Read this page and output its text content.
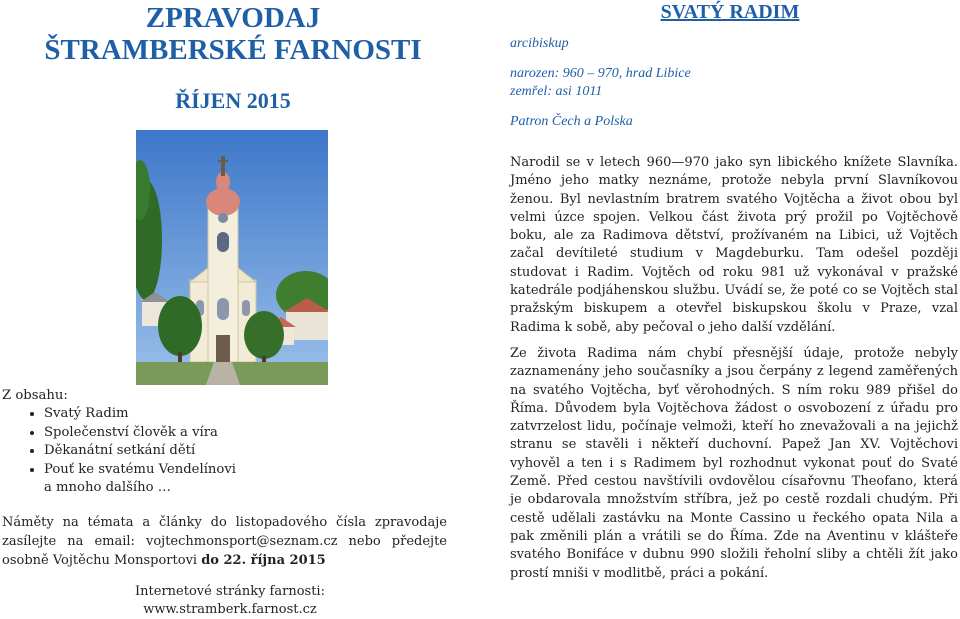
ZPRAVODAJ
ŠTRAMBERSKÉ FARNOSTI
ŘÍJEN 2015

Z obsahu:

• Svatý Radim
• Společenství člověk a víra
• Děkanátní setkání dětí
• Pouť ke svatému Vendelínovi
a mnoho dalšího …

Náměty na témata a články do listopadového čísla zpravodaje zasílejte na email: vojtechmonsport@seznam.cz nebo předejte osobně Vojtěchu Monsportovi do 22. října 2015

Internetové stránky farnosti:

www.stramberk.farnost.cz

SVATÝ RADIM

arcibiskup

narozen: 960 – 970, hrad Libice

zemřel: asi 1011

Patron Čech a Polska

Narodil se v letech 960—970 jako syn libického knížete Slavníka. Jméno jeho matky neznáme, protože nebyla první Slavníkovou ženou. Byl nevlastním bratrem svatého Vojtěcha a život obou byl velmi úzce spojen. Velkou část života prý prožil po Vojtěchově boku, ale za Radimova dětství, prožívaném na Libici, už Vojtěch začal devítileté studium v Magdeburku. Tam odešel později studovat i Radim. Vojtěch od roku 981 už vykonával v pražské katedrále podjáhenskou službu. Uvádí se, že poté co se Vojtěch stal pražským biskupem a otevřel biskupskou školu v Praze, vzal Radima k sobě, aby pečoval o jeho další vzdělání.

Ze života Radima nám chybí přesnější údaje, protože nebyly zaznamenány jeho současníky a jsou čerpány z legend zaměřených na svatého Vojtěcha, byť věrohodných. S ním roku 989 přišel do Říma. Důvodem byla Vojtěchova žádost o osvobození z úřadu pro zatvrzelost lidu, počínaje velmoži, kteří ho znevažovali a na jejichž stranu se stavěli i někteří duchovní. Papež Jan XV. Vojtěchovi vyhověl a ten i s Radimem byl rozhodnut vykonat pouť do Svaté Země. Před cestou navštívili ovdovělou císařovnu Theofano, která je obdarovala množstvím stříbra, jež po cestě rozdali chudým. Při cestě udělali zastávku na Monte Cassino u řeckého opata Nila a pak změnili plán a vrátili se do Říma. Zde na Aventinu v klášteře svatého Bonifáce v dubnu 990 složili řeholní sliby a chtěli žít jako prostí mniši v modlitbě, práci a pokání.
